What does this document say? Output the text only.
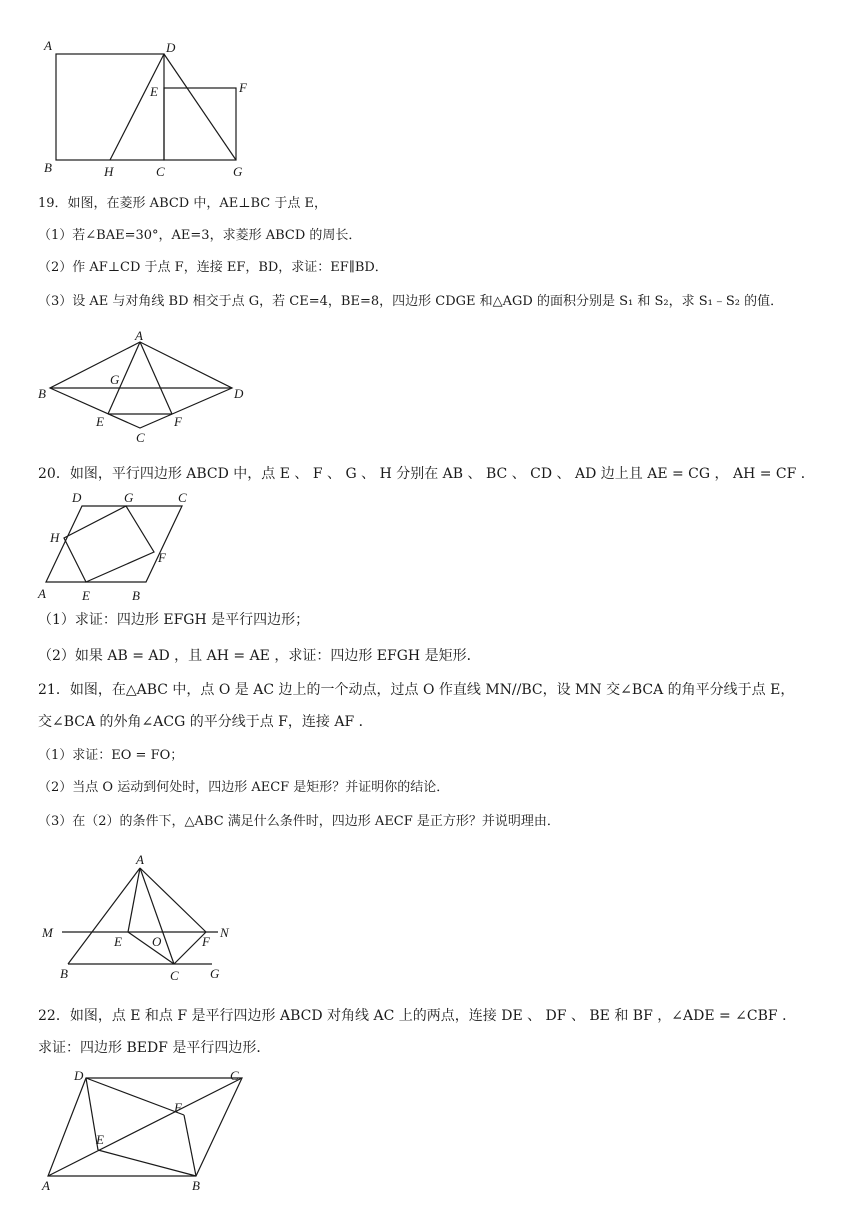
A
B	C
D
E	F
G
H
19．如图，在菱形 ABCD 中，AE⊥BC 于点 E，
（1）若∠BAE=30°，AE=3，求菱形 ABCD 的周长．
（2）作 AF⊥CD 于点 F，连接 EF，BD，求证：EF∥BD．
（3）设 AE 与对角线 BD 相交于点 G，若 CE=4，BE=8，四边形 CDGE 和△AGD 的面积分别是 S₁ 和 S₂，求 S₁﹣S₂ 的值．
A
B
C
D
E	F
G
20．如图，平行四边形 ABCD 中，点 E 、 F 、 G 、 H 分别在 AB 、 BC 、 CD 、 AD 边上且 AE = CG ， AH = CF ．
A	B
C
D
E
F
G
H
（1）求证：四边形 EFGH 是平行四边形；
（2）如果 AB = AD ，且 AH = AE ，求证：四边形 EFGH 是矩形．
21．如图，在△ABC 中，点 O 是 AC 边上的一个动点，过点 O 作直线 MN//BC，设 MN 交∠BCA 的角平分线于点 E，
交∠BCA 的外角∠ACG 的平分线于点 F，连接 AF ．
（1）求证：EO = FO；
（2）当点 O 运动到何处时，四边形 AECF 是矩形？并证明你的结论．
（3）在（2）的条件下，△ABC 满足什么条件时，四边形 AECF 是正方形？并说明理由．
A
B	C
E	F
G
M	N
O
22．如图，点 E 和点 F 是平行四边形 ABCD 对角线 AC 上的两点，连接 DE 、 DF 、 BE 和 BF ，∠ADE = ∠CBF ．
求证：四边形 BEDF 是平行四边形．
A	B
C
D
E
F
